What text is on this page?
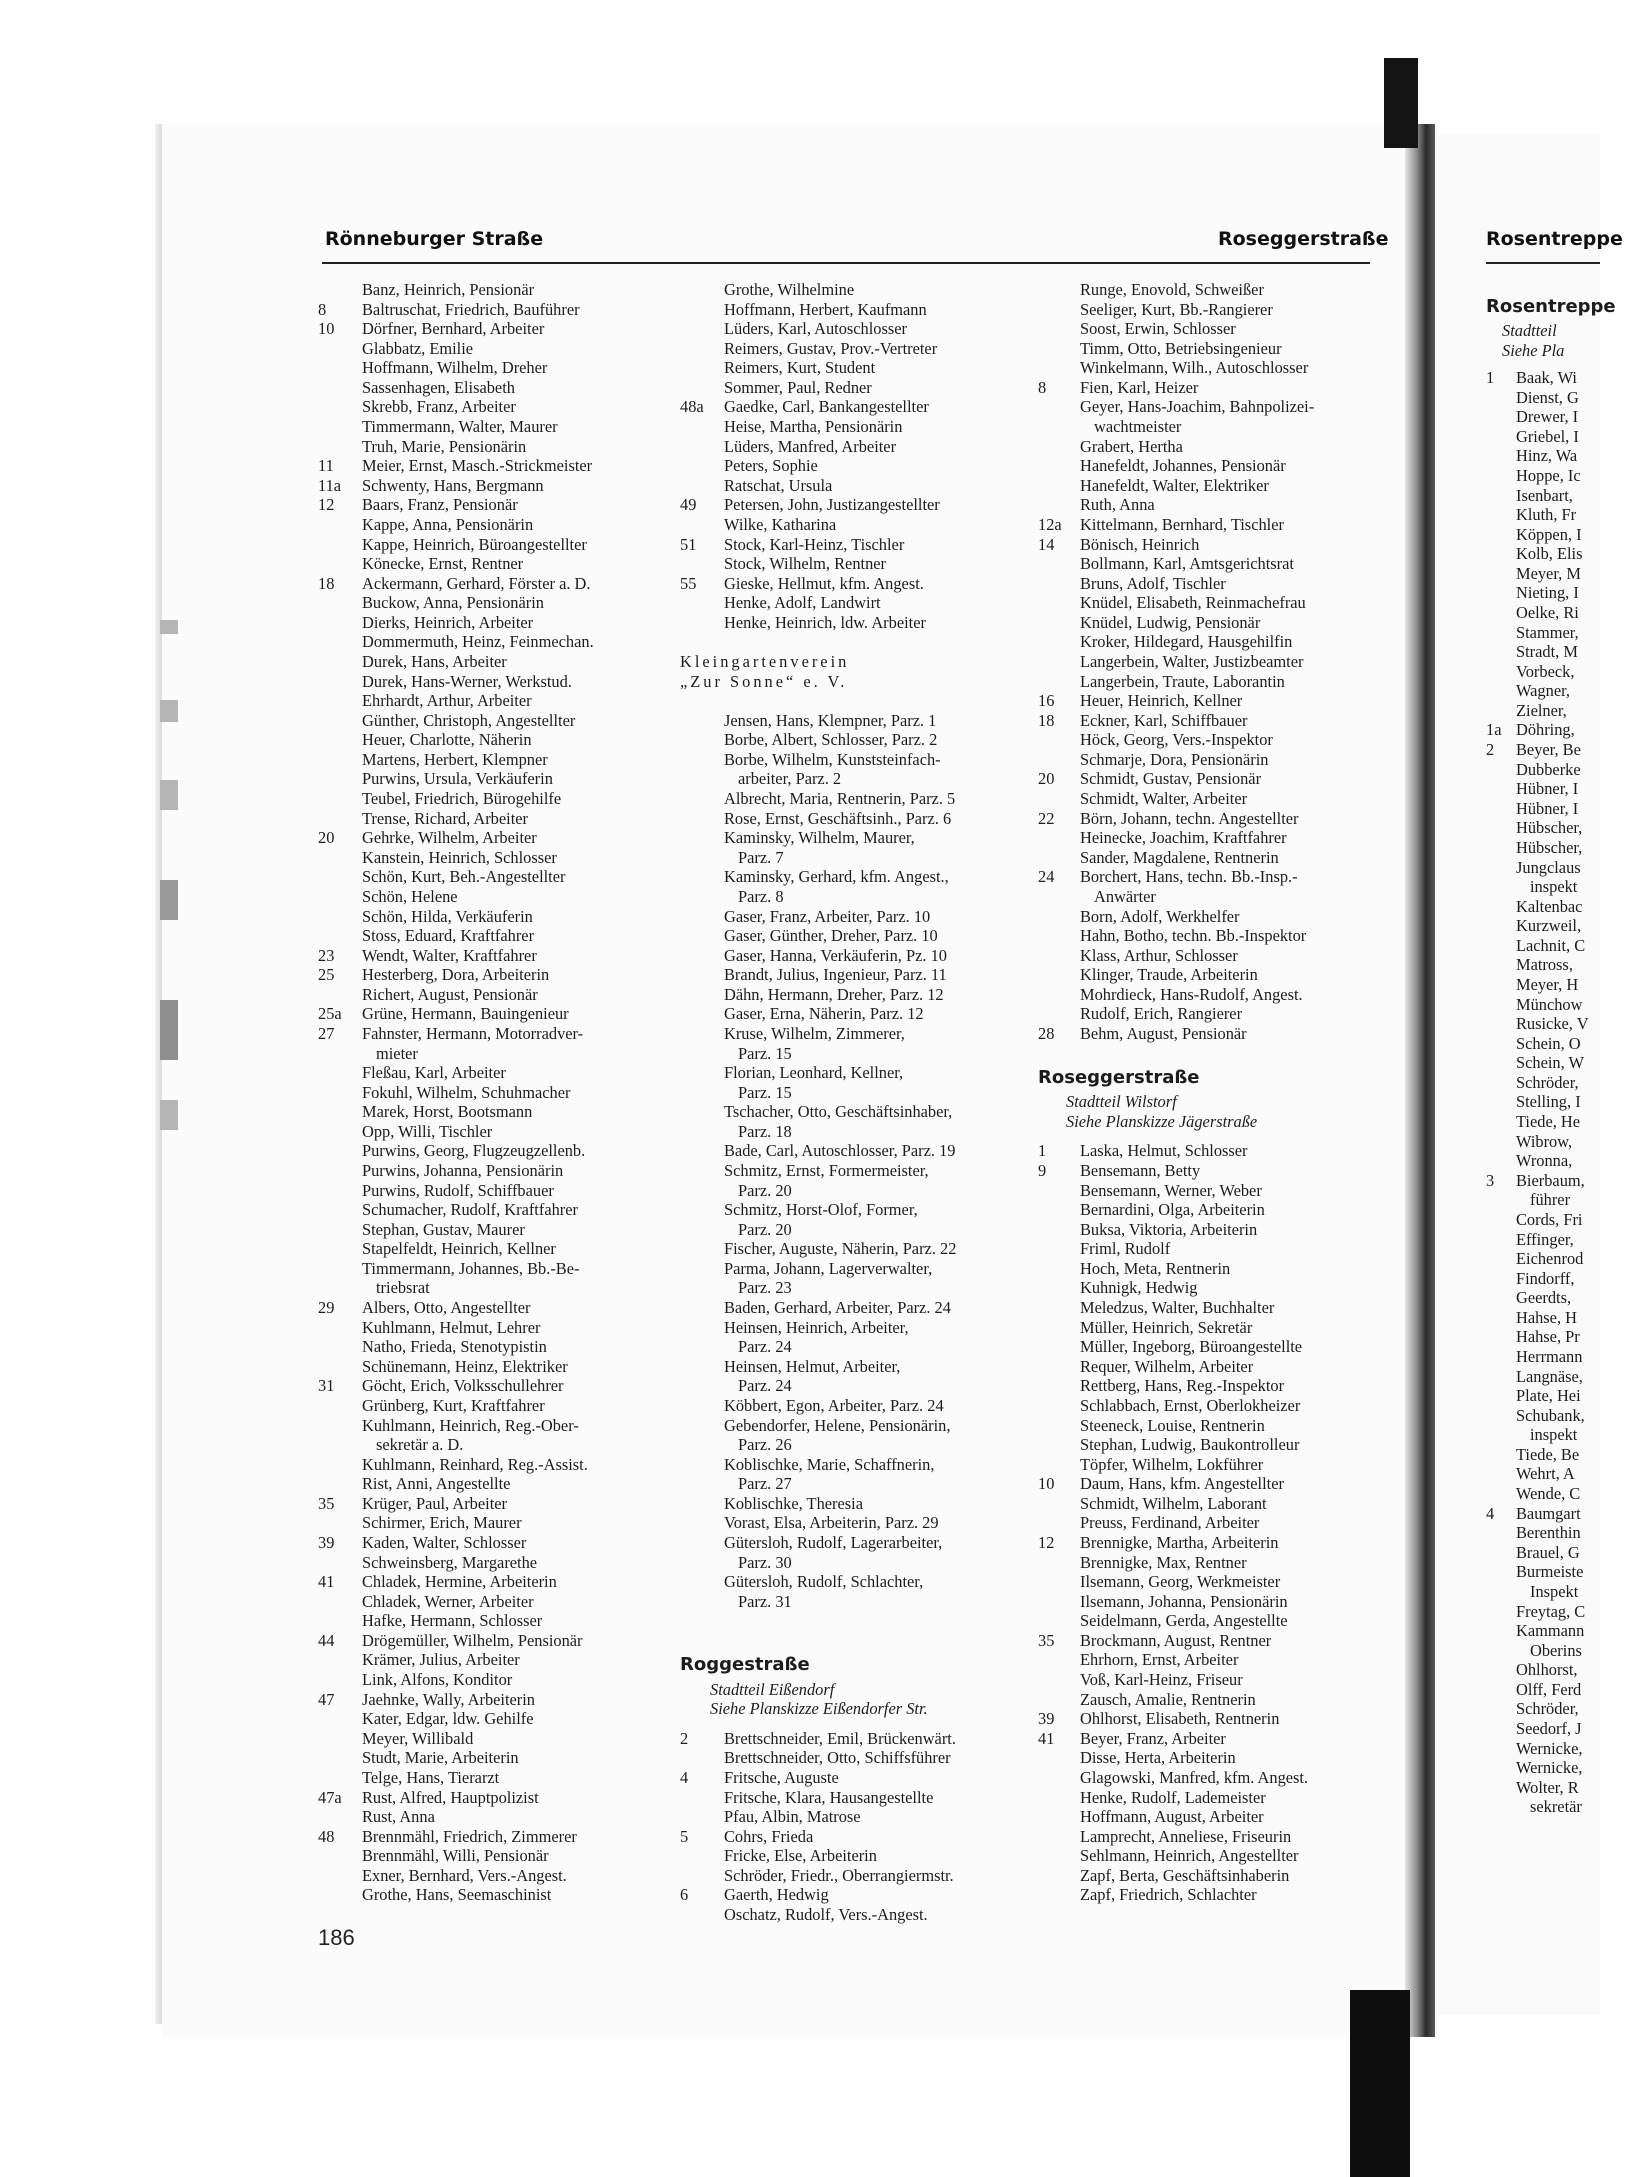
Rönneburger Straße	Roseggerstraße	Rosentreppe
Banz, Heinrich, Pensionär
8 Baltruschat, Friedrich, Bauführer
10 Dörfner, Bernhard, Arbeiter
Glabbatz, Emilie
Hoffmann, Wilhelm, Dreher
Sassenhagen, Elisabeth
Skrebb, Franz, Arbeiter
Timmermann, Walter, Maurer
Truh, Marie, Pensionärin
11 Meier, Ernst, Masch.-Strickmeister
11a Schwenty, Hans, Bergmann
12 Baars, Franz, Pensionär
Kappe, Anna, Pensionärin
Kappe, Heinrich, Büroangestellter
Könecke, Ernst, Rentner
18 Ackermann, Gerhard, Förster a. D.
Buckow, Anna, Pensionärin
Dierks, Heinrich, Arbeiter
Dommermuth, Heinz, Feinmechan.
Durek, Hans, Arbeiter
Durek, Hans-Werner, Werkstud.
Ehrhardt, Arthur, Arbeiter
Günther, Christoph, Angestellter
Heuer, Charlotte, Näherin
Martens, Herbert, Klempner
Purwins, Ursula, Verkäuferin
Teubel, Friedrich, Bürogehilfe
Trense, Richard, Arbeiter
20 Gehrke, Wilhelm, Arbeiter
Kanstein, Heinrich, Schlosser
Schön, Kurt, Beh.-Angestellter
Schön, Helene
Schön, Hilda, Verkäuferin
Stoss, Eduard, Kraftfahrer
23 Wendt, Walter, Kraftfahrer
25 Hesterberg, Dora, Arbeiterin
Richert, August, Pensionär
25a Grüne, Hermann, Bauingenieur
27 Fahnster, Hermann, Motorradver-
mieter
Fleßau, Karl, Arbeiter
Fokuhl, Wilhelm, Schuhmacher
Marek, Horst, Bootsmann
Opp, Willi, Tischler
Purwins, Georg, Flugzeugzellenb.
Purwins, Johanna, Pensionärin
Purwins, Rudolf, Schiffbauer
Schumacher, Rudolf, Kraftfahrer
Stephan, Gustav, Maurer
Stapelfeldt, Heinrich, Kellner
Timmermann, Johannes, Bb.-Be-
triebsrat
29 Albers, Otto, Angestellter
Kuhlmann, Helmut, Lehrer
Natho, Frieda, Stenotypistin
Schünemann, Heinz, Elektriker
31 Göcht, Erich, Volksschullehrer
Grünberg, Kurt, Kraftfahrer
Kuhlmann, Heinrich, Reg.-Ober-
sekretär a. D.
Kuhlmann, Reinhard, Reg.-Assist.
Rist, Anni, Angestellte
35 Krüger, Paul, Arbeiter
Schirmer, Erich, Maurer
39 Kaden, Walter, Schlosser
Schweinsberg, Margarethe
41 Chladek, Hermine, Arbeiterin
Chladek, Werner, Arbeiter
Hafke, Hermann, Schlosser
44 Drögemüller, Wilhelm, Pensionär
Krämer, Julius, Arbeiter
Link, Alfons, Konditor
47 Jaehnke, Wally, Arbeiterin
Kater, Edgar, ldw. Gehilfe
Meyer, Willibald
Studt, Marie, Arbeiterin
Telge, Hans, Tierarzt
47a Rust, Alfred, Hauptpolizist
Rust, Anna
48 Brennmähl, Friedrich, Zimmerer
Brennmähl, Willi, Pensionär
Exner, Bernhard, Vers.-Angest.
Grothe, Hans, Seemaschinist
Grothe, Wilhelmine
Hoffmann, Herbert, Kaufmann
Lüders, Karl, Autoschlosser
Reimers, Gustav, Prov.-Vertreter
Reimers, Kurt, Student
Sommer, Paul, Redner
48a Gaedke, Carl, Bankangestellter
Heise, Martha, Pensionärin
Lüders, Manfred, Arbeiter
Peters, Sophie
Ratschat, Ursula
49 Petersen, John, Justizangestellter
Wilke, Katharina
51 Stock, Karl-Heinz, Tischler
Stock, Wilhelm, Rentner
55 Gieske, Hellmut, kfm. Angest.
Henke, Adolf, Landwirt
Henke, Heinrich, ldw. Arbeiter
Kleingartenverein
„Zur Sonne“ e. V.
Jensen, Hans, Klempner, Parz. 1
Borbe, Albert, Schlosser, Parz. 2
Borbe, Wilhelm, Kunststeinfach-
arbeiter, Parz. 2
Albrecht, Maria, Rentnerin, Parz. 5
Rose, Ernst, Geschäftsinh., Parz. 6
Kaminsky, Wilhelm, Maurer,
Parz. 7
Kaminsky, Gerhard, kfm. Angest.,
Parz. 8
Gaser, Franz, Arbeiter, Parz. 10
Gaser, Günther, Dreher, Parz. 10
Gaser, Hanna, Verkäuferin, Pz. 10
Brandt, Julius, Ingenieur, Parz. 11
Dähn, Hermann, Dreher, Parz. 12
Gaser, Erna, Näherin, Parz. 12
Kruse, Wilhelm, Zimmerer,
Parz. 15
Florian, Leonhard, Kellner,
Parz. 15
Tschacher, Otto, Geschäftsinhaber,
Parz. 18
Bade, Carl, Autoschlosser, Parz. 19
Schmitz, Ernst, Formermeister,
Parz. 20
Schmitz, Horst-Olof, Former,
Parz. 20
Fischer, Auguste, Näherin, Parz. 22
Parma, Johann, Lagerverwalter,
Parz. 23
Baden, Gerhard, Arbeiter, Parz. 24
Heinsen, Heinrich, Arbeiter,
Parz. 24
Heinsen, Helmut, Arbeiter,
Parz. 24
Köbbert, Egon, Arbeiter, Parz. 24
Gebendorfer, Helene, Pensionärin,
Parz. 26
Koblischke, Marie, Schaffnerin,
Parz. 27
Koblischke, Theresia
Vorast, Elsa, Arbeiterin, Parz. 29
Gütersloh, Rudolf, Lagerarbeiter,
Parz. 30
Gütersloh, Rudolf, Schlachter,
Parz. 31
Roggestraße
Stadtteil Eißendorf
Siehe Planskizze Eißendorfer Str.
2 Brettschneider, Emil, Brückenwärt.
Brettschneider, Otto, Schiffsführer
4 Fritsche, Auguste
Fritsche, Klara, Hausangestellte
Pfau, Albin, Matrose
5 Cohrs, Frieda
Fricke, Else, Arbeiterin
Schröder, Friedr., Oberrangiermstr.
6 Gaerth, Hedwig
Oschatz, Rudolf, Vers.-Angest.
Runge, Enovold, Schweißer
Seeliger, Kurt, Bb.-Rangierer
Soost, Erwin, Schlosser
Timm, Otto, Betriebsingenieur
Winkelmann, Wilh., Autoschlosser
8 Fien, Karl, Heizer
Geyer, Hans-Joachim, Bahnpolizei-
wachtmeister
Grabert, Hertha
Hanefeldt, Johannes, Pensionär
Hanefeldt, Walter, Elektriker
Ruth, Anna
12a Kittelmann, Bernhard, Tischler
14 Bönisch, Heinrich
Bollmann, Karl, Amtsgerichtsrat
Bruns, Adolf, Tischler
Knüdel, Elisabeth, Reinmachefrau
Knüdel, Ludwig, Pensionär
Kroker, Hildegard, Hausgehilfin
Langerbein, Walter, Justizbeamter
Langerbein, Traute, Laborantin
16 Heuer, Heinrich, Kellner
18 Eckner, Karl, Schiffbauer
Höck, Georg, Vers.-Inspektor
Schmarje, Dora, Pensionärin
20 Schmidt, Gustav, Pensionär
Schmidt, Walter, Arbeiter
22 Börn, Johann, techn. Angestellter
Heinecke, Joachim, Kraftfahrer
Sander, Magdalene, Rentnerin
24 Borchert, Hans, techn. Bb.-Insp.-
Anwärter
Born, Adolf, Werkhelfer
Hahn, Botho, techn. Bb.-Inspektor
Klass, Arthur, Schlosser
Klinger, Traude, Arbeiterin
Mohrdieck, Hans-Rudolf, Angest.
Rudolf, Erich, Rangierer
28 Behm, August, Pensionär
Roseggerstraße
Stadtteil Wilstorf
Siehe Planskizze Jägerstraße
1 Laska, Helmut, Schlosser
9 Bensemann, Betty
Bensemann, Werner, Weber
Bernardini, Olga, Arbeiterin
Buksa, Viktoria, Arbeiterin
Friml, Rudolf
Hoch, Meta, Rentnerin
Kuhnigk, Hedwig
Meledzus, Walter, Buchhalter
Müller, Heinrich, Sekretär
Müller, Ingeborg, Büroangestellte
Requer, Wilhelm, Arbeiter
Rettberg, Hans, Reg.-Inspektor
Schlabbach, Ernst, Oberlokheizer
Steeneck, Louise, Rentnerin
Stephan, Ludwig, Baukontrolleur
Töpfer, Wilhelm, Lokführer
10 Daum, Hans, kfm. Angestellter
Schmidt, Wilhelm, Laborant
Preuss, Ferdinand, Arbeiter
12 Brennigke, Martha, Arbeiterin
Brennigke, Max, Rentner
Ilsemann, Georg, Werkmeister
Ilsemann, Johanna, Pensionärin
Seidelmann, Gerda, Angestellte
35 Brockmann, August, Rentner
Ehrhorn, Ernst, Arbeiter
Voß, Karl-Heinz, Friseur
Zausch, Amalie, Rentnerin
39 Ohlhorst, Elisabeth, Rentnerin
41 Beyer, Franz, Arbeiter
Disse, Herta, Arbeiterin
Glagowski, Manfred, kfm. Angest.
Henke, Rudolf, Lademeister
Hoffmann, August, Arbeiter
Lamprecht, Anneliese, Friseurin
Sehlmann, Heinrich, Angestellter
Zapf, Berta, Geschäftsinhaberin
Zapf, Friedrich, Schlachter
Rosentreppe
Stadtteil
Siehe Pla
1 Baak, Wi
Dienst, G
Drewer, I
Griebel, I
Hinz, Wa
Hoppe, Ic
Isenbart,
Kluth, Fr
Köppen, I
Kolb, Elis
Meyer, M
Nieting, I
Oelke, Ri
Stammer,
Stradt, M
Vorbeck,
Wagner,
Zielner,
1a Döhring,
2 Beyer, Be
Dubberke
Hübner, I
Hübner, I
Hübscher,
Hübscher,
Jungclaus
inspekt
Kaltenbac
Kurzweil,
Lachnit, C
Matross,
Meyer, H
Münchow
Rusicke, V
Schein, O
Schein, W
Schröder,
Stelling, I
Tiede, He
Wibrow,
Wronna,
3 Bierbaum,
führer
Cords, Fri
Effinger,
Eichenrod
Findorff,
Geerdts,
Hahse, H
Hahse, Pr
Herrmann
Langnäse,
Plate, Hei
Schubank,
inspekt
Tiede, Be
Wehrt, A
Wende, C
4 Baumgart
Berenthin
Brauel, G
Burmeiste
Inspekt
Freytag, C
Kammann
Oberins
Ohlhorst,
Olff, Ferd
Schröder,
Seedorf, J
Wernicke,
Wernicke,
Wolter, R
sekretär
186
